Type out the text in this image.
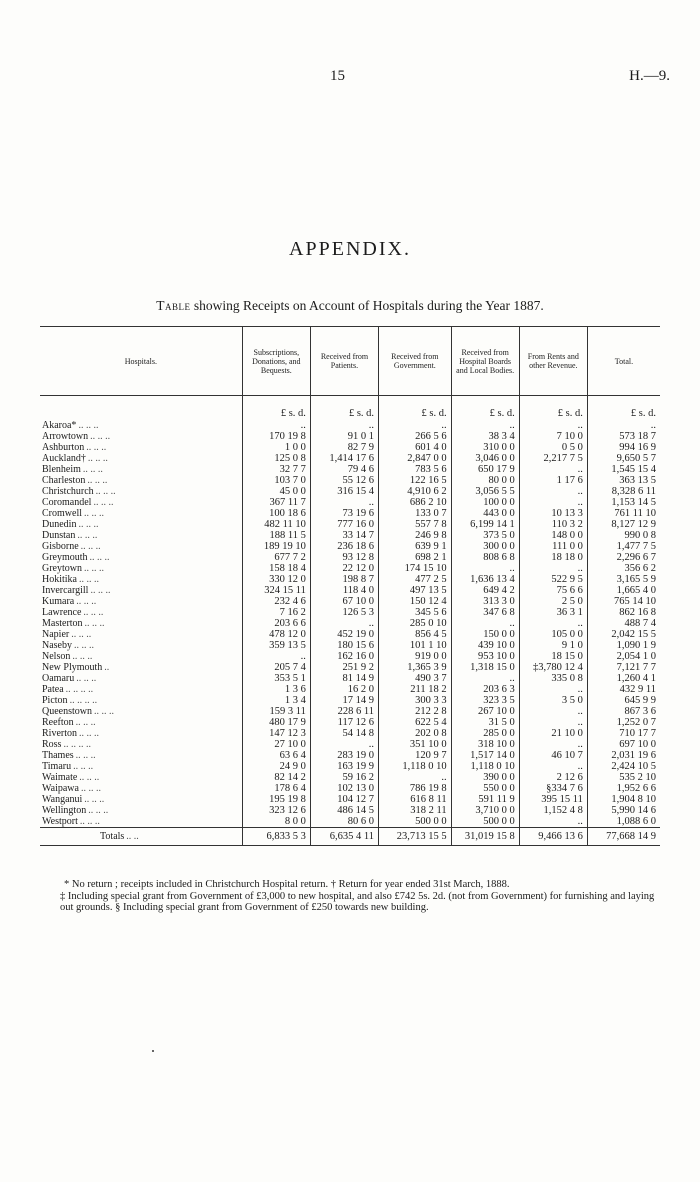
15	H.—9.
APPENDIX.
Table showing Receipts on Account of Hospitals during the Year 1887.
Hospitals.	Subscriptions, Donations, and Bequests.	Received from Patients.	Received from Government.	Received from Hospital Boards and Local Bodies.	From Rents and other Revenue.	Total.
	£ s. d.	£ s. d.	£ s. d.	£ s. d.	£ s. d.	£ s. d.
Akaroa* .. .. ..	..	..	..	..	..	..
Arrowtown .. .. ..	170 19 8	91 0 1	266 5 6	38 3 4	7 10 0	573 18 7
Ashburton .. .. ..	1 0 0	82 7 9	601 4 0	310 0 0	0 5 0	994 16 9
Auckland† .. .. ..	125 0 8	1,414 17 6	2,847 0 0	3,046 0 0	2,217 7 5	9,650 5 7
Blenheim .. .. ..	32 7 7	79 4 6	783 5 6	650 17 9	..	1,545 15 4
Charleston .. .. ..	103 7 0	55 12 6	122 16 5	80 0 0	1 17 6	363 13 5
Christchurch .. .. ..	45 0 0	316 15 4	4,910 6 2	3,056 5 5	..	8,328 6 11
Coromandel .. .. ..	367 11 7	..	686 2 10	100 0 0	..	1,153 14 5
Cromwell .. .. ..	100 18 6	73 19 6	133 0 7	443 0 0	10 13 3	761 11 10
Dunedin .. .. ..	482 11 10	777 16 0	557 7 8	6,199 14 1	110 3 2	8,127 12 9
Dunstan .. .. ..	188 11 5	33 14 7	246 9 8	373 5 0	148 0 0	990 0 8
Gisborne .. .. ..	189 19 10	236 18 6	639 9 1	300 0 0	111 0 0	1,477 7 5
Greymouth .. .. ..	677 7 2	93 12 8	698 2 1	808 6 8	18 18 0	2,296 6 7
Greytown .. .. ..	158 18 4	22 12 0	174 15 10	..	..	356 6 2
Hokitika .. .. ..	330 12 0	198 8 7	477 2 5	1,636 13 4	522 9 5	3,165 5 9
Invercargill .. .. ..	324 15 11	118 4 0	497 13 5	649 4 2	75 6 6	1,665 4 0
Kumara .. .. ..	232 4 6	67 10 0	150 12 4	313 3 0	2 5 0	765 14 10
Lawrence .. .. ..	7 16 2	126 5 3	345 5 6	347 6 8	36 3 1	862 16 8
Masterton .. .. ..	203 6 6	..	285 0 10	..	..	488 7 4
Napier .. .. ..	478 12 0	452 19 0	856 4 5	150 0 0	105 0 0	2,042 15 5
Naseby .. .. ..	359 13 5	180 15 6	101 1 10	439 10 0	9 1 0	1,090 1 9
Nelson .. .. ..	..	162 16 0	919 0 0	953 10 0	18 15 0	2,054 1 0
New Plymouth ..	205 7 4	251 9 2	1,365 3 9	1,318 15 0	‡3,780 12 4	7,121 7 7
Oamaru .. .. ..	353 5 1	81 14 9	490 3 7	..	335 0 8	1,260 4 1
Patea .. .. .. ..	1 3 6	16 2 0	211 18 2	203 6 3	..	432 9 11
Picton .. .. .. ..	1 3 4	17 14 9	300 3 3	323 3 5	3 5 0	645 9 9
Queenstown .. .. ..	159 3 11	228 6 11	212 2 8	267 10 0	..	867 3 6
Reefton .. .. ..	480 17 9	117 12 6	622 5 4	31 5 0	..	1,252 0 7
Riverton .. .. ..	147 12 3	54 14 8	202 0 8	285 0 0	21 10 0	710 17 7
Ross .. .. .. ..	27 10 0	..	351 10 0	318 10 0	..	697 10 0
Thames .. .. ..	63 6 4	283 19 0	120 9 7	1,517 14 0	46 10 7	2,031 19 6
Timaru .. .. ..	24 9 0	163 19 9	1,118 0 10	1,118 0 10	..	2,424 10 5
Waimate .. .. ..	82 14 2	59 16 2	..	390 0 0	2 12 6	535 2 10
Waipawa .. .. ..	178 6 4	102 13 0	786 19 8	550 0 0	§334 7 6	1,952 6 6
Wanganui .. .. ..	195 19 8	104 12 7	616 8 11	591 11 9	395 15 11	1,904 8 10
Wellington .. .. ..	323 12 6	486 14 5	318 2 11	3,710 0 0	1,152 4 8	5,990 14 6
Westport .. .. ..	8 0 0	80 6 0	500 0 0	500 0 0	..	1,088 6 0
Totals .. ..	6,833 5 3	6,635 4 11	23,713 15 5	31,019 15 8	9,466 13 6	77,668 14 9

* No return ; receipts included in Christchurch Hospital return. † Return for year ended 31st March, 1888.

‡ Including special grant from Government of £3,000 to new hospital, and also £742 5s. 2d. (not from Government) for furnishing and laying out grounds. § Including special grant from Government of £250 towards new building.
